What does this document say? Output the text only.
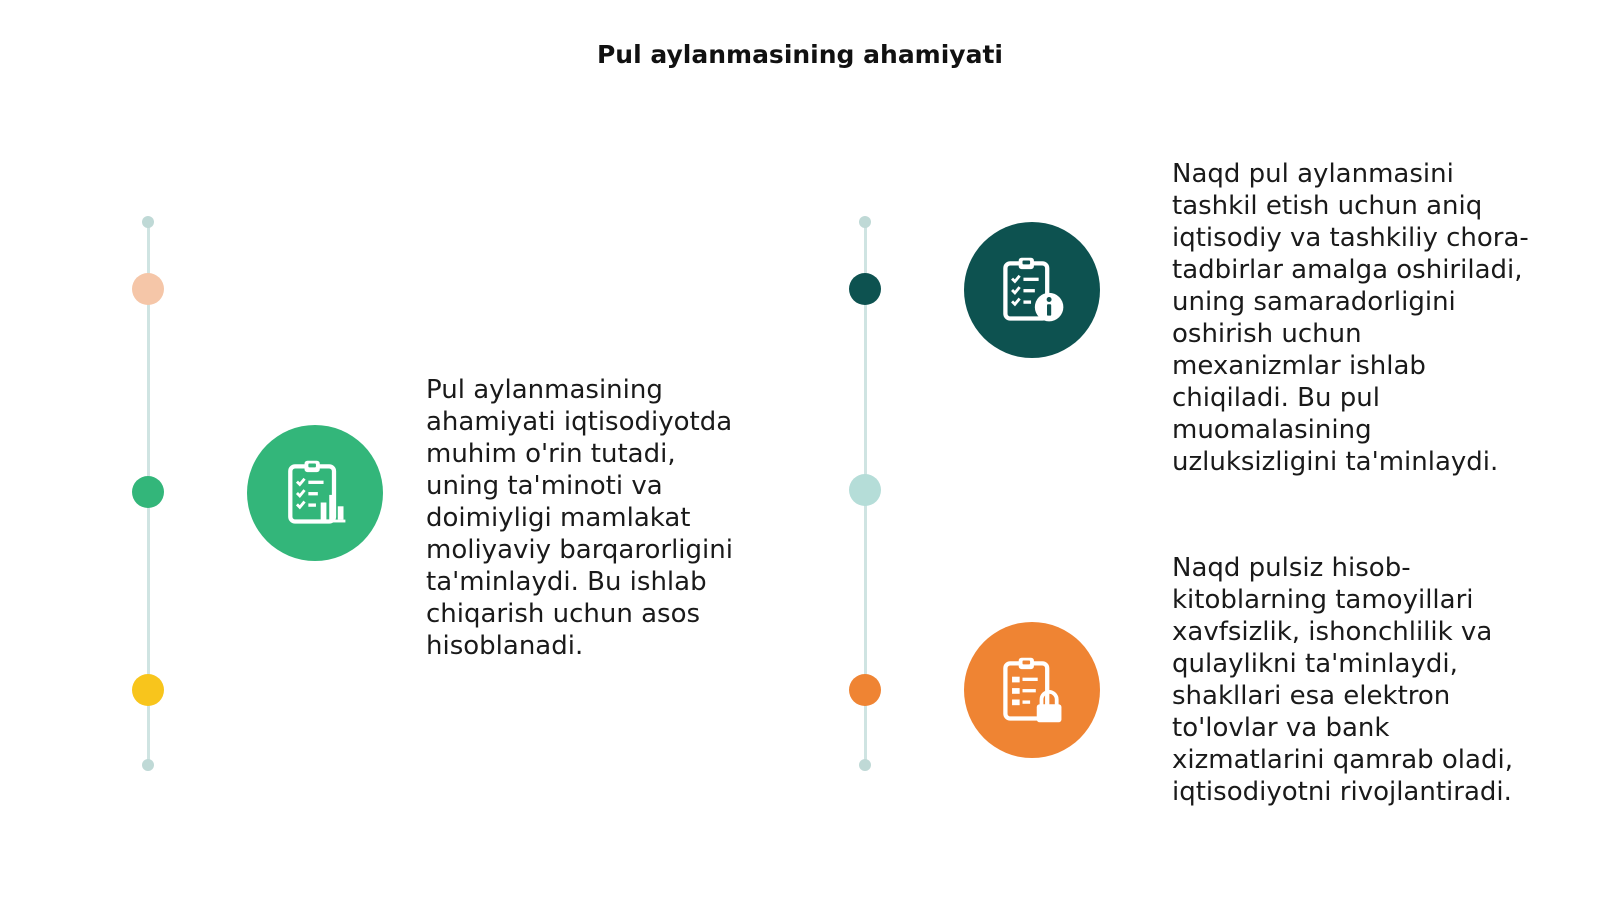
Pul aylanmasining ahamiyati
Pul aylanmasining
ahamiyati iqtisodiyotda
muhim o'rin tutadi,
uning ta'minoti va
doimiyligi mamlakat
moliyaviy barqarorligini
ta'minlaydi. Bu ishlab
chiqarish uchun asos
hisoblanadi.
Naqd pul aylanmasini
tashkil etish uchun aniq
iqtisodiy va tashkiliy chora-
tadbirlar amalga oshiriladi,
uning samaradorligini
oshirish uchun
mexanizmlar ishlab
chiqiladi. Bu pul
muomalasining
uzluksizligini ta'minlaydi.
Naqd pulsiz hisob-
kitoblarning tamoyillari
xavfsizlik, ishonchlilik va
qulaylikni ta'minlaydi,
shakllari esa elektron
to'lovlar va bank
xizmatlarini qamrab oladi,
iqtisodiyotni rivojlantiradi.
